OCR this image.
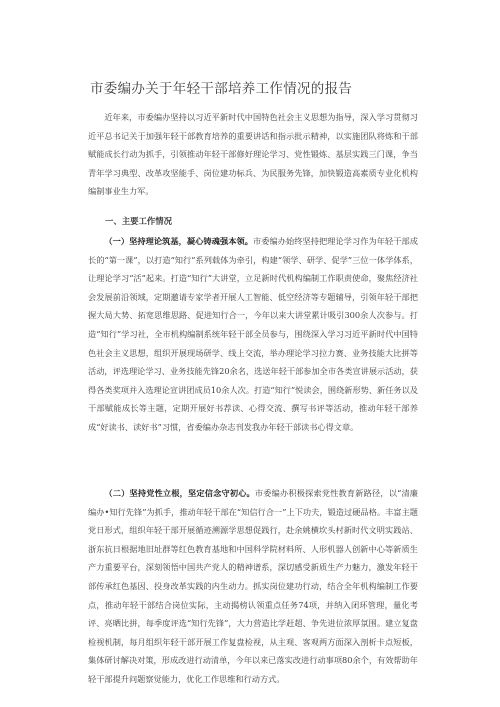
市委编办关于年轻干部培养工作情况的报告

近年来，市委编办坚持以习近平新时代中国特色社会主义思想为指导，深入学习贯彻习近平总书记关于加强年轻干部教育培养的重要讲话和指示批示精神，以实施团队将炼和干部赋能成长行动为抓手，引领推动年轻干部修好理论学习、党性锻炼、基层实践三门课，争当青年学习典型、改革攻坚能手、岗位建功标兵、为民服务先锋，加快锻造高素质专业化机构编制事业生力军。

一、主要工作情况

（一）坚持理论筑基，凝心铸魂强本领。市委编办始终坚持把理论学习作为年轻干部成长的“第一课”，以打造“知行”系列载体为牵引，构建“领学、研学、促学”三位一体学体系，让理论学习“活”起来。打造“知行”大讲堂，立足新时代机构编制工作职责使命，聚焦经济社会发展前沿领域，定期邀请专家学者开展人工智能、低空经济等专题辅导，引领年轻干部把握大局大势、拓宽思维思路、促进知行合一，今年以来大讲堂累计吸引300余人次参与。打造“知行”学习社，全市机构编制系统年轻干部全员参与，围绕深入学习习近平新时代中国特色社会主义思想，组织开展现场研学、线上交流，举办理论学习拉力赛、业务技能大比拼等活动，评选理论学习、业务技能先锋20余名，选送年轻干部参加全市各类宣讲展示活动，获得各类奖项并入选理论宣讲团成员10余人次。打造“知行”悦读会，围绕新形势、新任务以及干部赋能成长等主题，定期开展好书荐读、心得交流、撰写书评等活动，推动年轻干部养成“好读书、读好书”习惯，省委编办杂志刊发我办年轻干部读书心得文章。

（二）坚持党性立根，坚定信念守初心。市委编办积极探索党性教育新路径，以“清廉编办•知行先锋”为抓手，推动年轻干部在“知信行合一”上下功夫，锻造过硬品格。丰富主题党日形式，组织年轻干部开展循迹溯源学思想促践行，赴余姚横坎头村新时代文明实践站、浙东抗日根据地旧址群等红色教育基地和中国科学院材料所、人形机器人创新中心等新质生产力重要平台，深刻领悟中国共产党人的精神谱系，深切感受新质生产力魅力，激发年轻干部传承红色基因、投身改革实践的内生动力。抓实岗位建功行动，结合全年机构编制工作要点，推动年轻干部结合岗位实际，主动揭榜认领重点任务74项，并纳入闭环管理，量化考评、亮晒比拼，每季度评选“知行先锋”，大力营造比学赶超、争先进位浓厚氛围。建立复盘检视机制，每月组织年轻干部开展工作复盘检视，从主观、客观两方面深入剖析卡点短板，集体研讨解决对策，形成改进行动清单，今年以来已落实改进行动事项80余个，有效帮助年轻干部提升问题察觉能力，优化工作思维和行动方式。
